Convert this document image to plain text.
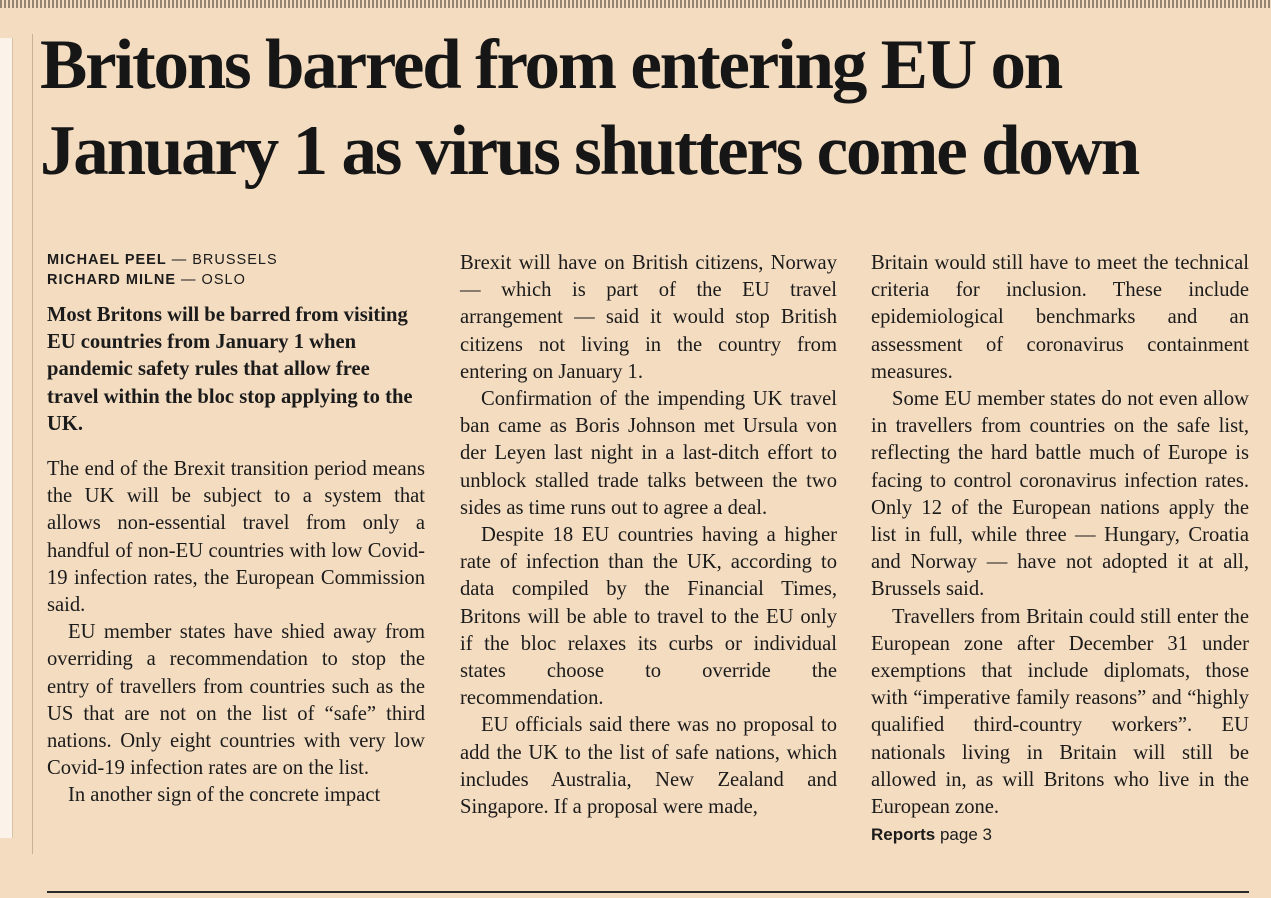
Britons barred from entering EU on January 1 as virus shutters come down

MICHAEL PEEL — BRUSSELS

RICHARD MILNE — OSLO

Most Britons will be barred from visiting EU countries from January 1 when pandemic safety rules that allow free travel within the bloc stop applying to the UK.

The end of the Brexit transition period means the UK will be subject to a system that allows non-essential travel from only a handful of non-EU countries with low Covid-19 infection rates, the European Commission said.

EU member states have shied away from overriding a recommendation to stop the entry of travellers from countries such as the US that are not on the list of “safe” third nations. Only eight countries with very low Covid-19 infection rates are on the list.

In another sign of the concrete impact

Brexit will have on British citizens, Norway — which is part of the EU travel arrangement — said it would stop British citizens not living in the country from entering on January 1.

Confirmation of the impending UK travel ban came as Boris Johnson met Ursula von der Leyen last night in a last-ditch effort to unblock stalled trade talks between the two sides as time runs out to agree a deal.

Despite 18 EU countries having a higher rate of infection than the UK, according to data compiled by the Financial Times, Britons will be able to travel to the EU only if the bloc relaxes its curbs or individual states choose to override the recommendation.

EU officials said there was no proposal to add the UK to the list of safe nations, which includes Australia, New Zealand and Singapore. If a proposal were made,

Britain would still have to meet the technical criteria for inclusion. These include epidemiological benchmarks and an assessment of coronavirus containment measures.

Some EU member states do not even allow in travellers from countries on the safe list, reflecting the hard battle much of Europe is facing to control coronavirus infection rates. Only 12 of the European nations apply the list in full, while three — Hungary, Croatia and Norway — have not adopted it at all, Brussels said.

Travellers from Britain could still enter the European zone after December 31 under exemptions that include diplomats, those with “imperative family reasons” and “highly qualified third-country workers”. EU nationals living in Britain will still be allowed in, as will Britons who live in the European zone.

Reports page 3
